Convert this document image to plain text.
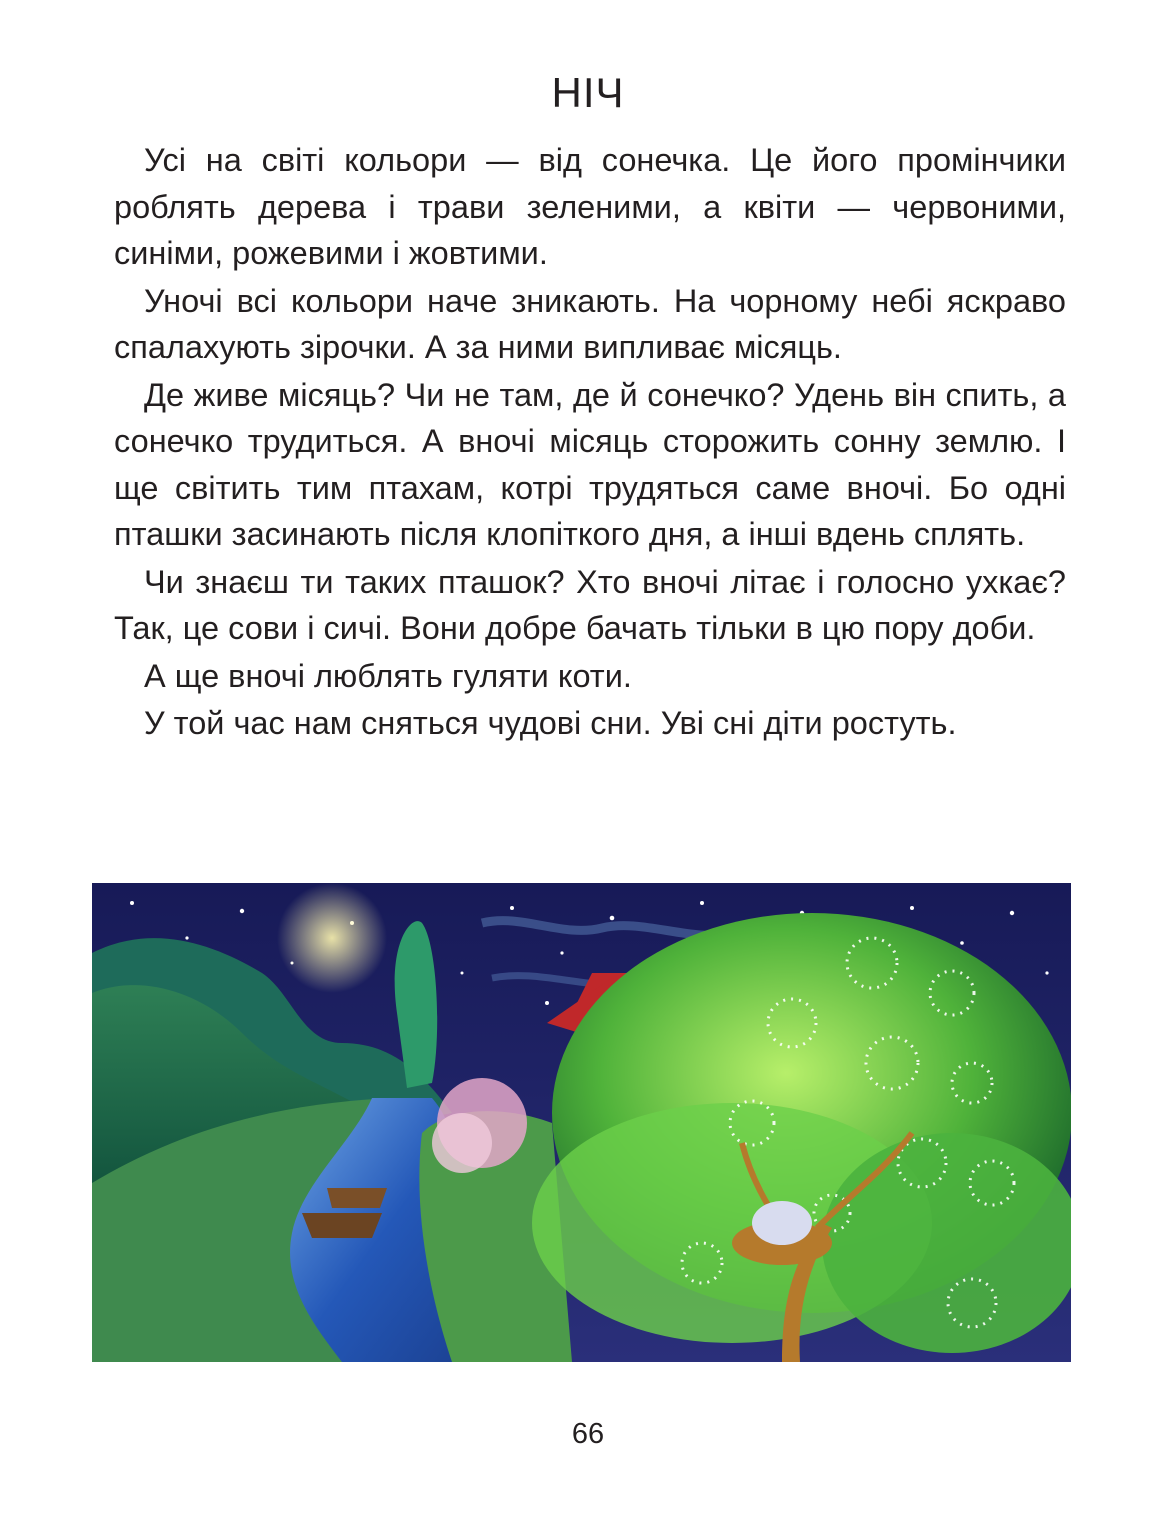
НІЧ

Усі на світі кольори — від сонечка. Це його промінчики роблять дерева і трави зеленими, а квіти — червоними, синіми, рожевими і жовтими.

Уночі всі кольори наче зникають. На чорному небі яскраво спалахують зірочки. А за ними випливає місяць.

Де живе місяць? Чи не там, де й сонечко? Удень він спить, а сонечко трудиться. А вночі місяць сторожить сонну землю. І ще світить тим птахам, котрі трудяться саме вночі. Бо одні пташки засинають після клопіткого дня, а інші вдень сплять.

Чи знаєш ти таких пташок? Хто вночі літає і голосно ухкає? Так, це сови і сичі. Вони добре бачать тільки в цю пору доби.

А ще вночі люблять гуляти коти.

У той час нам сняться чудові сни. Уві сні діти ростуть.

66
